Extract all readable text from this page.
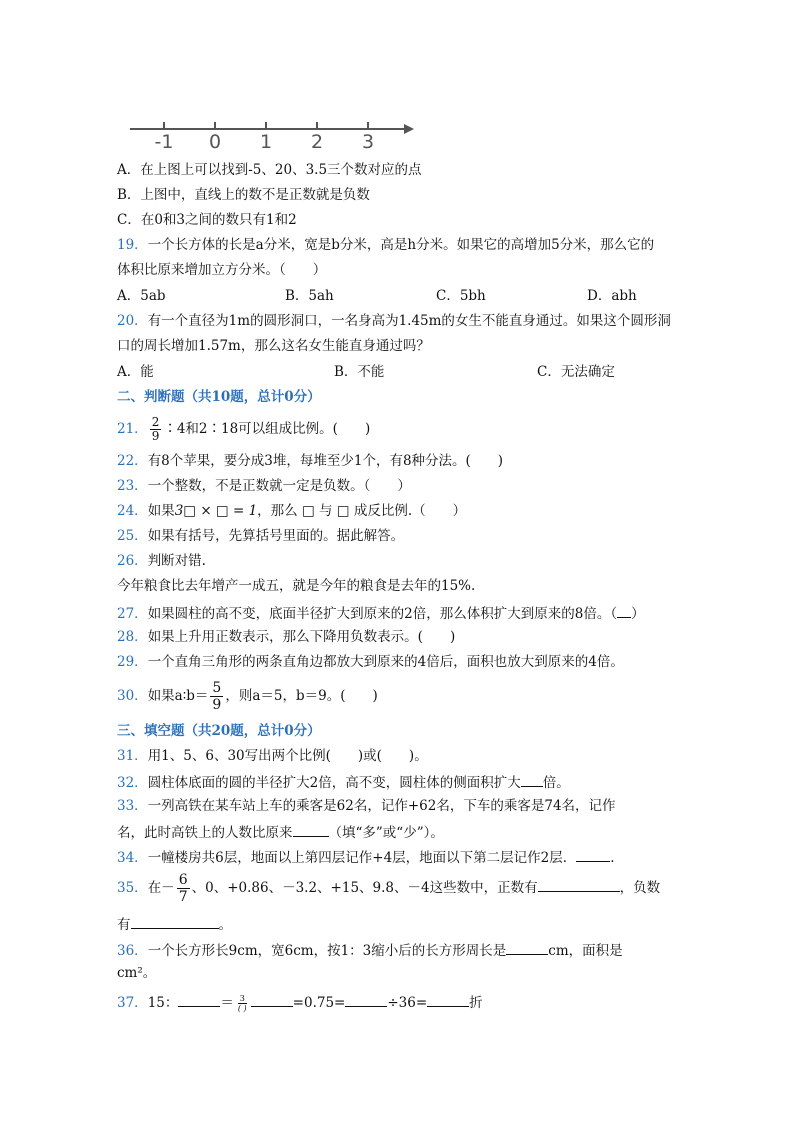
-1 0 1 2 3
A．在上图上可以找到-5、20、3.5三个数对应的点
B．上图中，直线上的数不是正数就是负数
C．在0和3之间的数只有1和2
19．一个长方体的长是a分米，宽是b分米，高是h分米。如果它的高增加5分米，那么它的
体积比原来增加立方分米。（　　）
A．5ab	B．5ah	C．5bh	D．abh
20．有一个直径为1m的圆形洞口，一名身高为1.45m的女生不能直身通过。如果这个圆形洞
口的周长增加1.57m，那么这名女生能直身通过吗？
A．能	B．不能	C．无法确定
二、判断题（共10题，总计0分）
21． $\frac{2}{9}$ ∶4和2∶18可以组成比例。(　　)
22．有8个苹果，要分成3堆，每堆至少1个，有8种分法。(　　)
23．一个整数，不是正数就一定是负数。（　　）
24．如果3□ × □ = 1，那么 □ 与 □ 成反比例.（　　）
25．如果有括号，先算括号里面的。据此解答。
26．判断对错.
今年粮食比去年增产一成五，就是今年的粮食是去年的15%.
27．如果圆柱的高不变，底面半径扩大到原来的2倍，那么体积扩大到原来的8倍。（ ）
28．如果上升用正数表示，那么下降用负数表示。(　　)
29．一个直角三角形的两条直角边都放大到原来的4倍后，面积也放大到原来的4倍。
30．如果a∶b＝ $\frac{5}{9}$ ，则a＝5，b＝9。(　　)
三、填空题（共20题，总计0分）
31．用1、5、6、30写出两个比例(　　)或(　　)。
32．圆柱体底面的圆的半径扩大2倍，高不变，圆柱体的侧面积扩大 倍。
33．一列高铁在某车站上车的乘客是62名，记作+62名，下车的乘客是74名，记作
名，此时高铁上的人数比原来	（填“多”或“少”）。
34．一幢楼房共6层，地面以上第四层记作+4层，地面以下第二层记作2层．	.
35．在－ $\frac{6}{7}$ 、0、+0.86、－3.2、+15、9.8、－4这些数中，正数有	，负数
有	。
36．一个长方形长9cm，宽6cm，按1：3缩小后的长方形周长是	cm，面积是
cm²。
37．15：	＝ $\frac{3}{( )}$	=0.75=	÷36=	折
